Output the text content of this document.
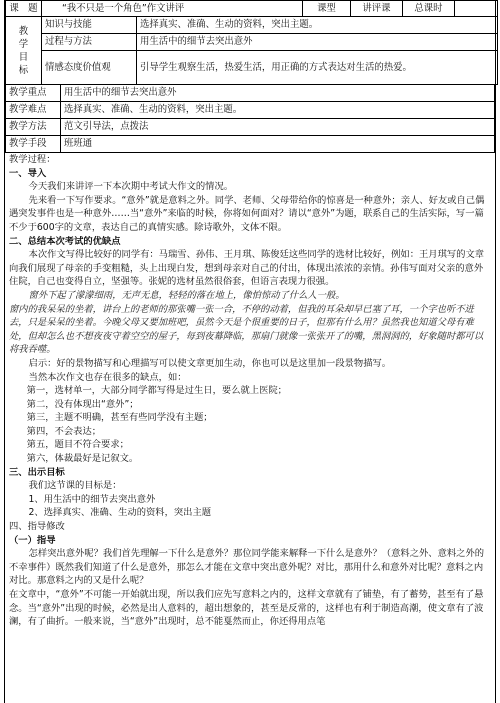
课　题	“我不只是一个角色”作文讲评		课型	讲评课	总课时	

教
学
目
标	知识与技能	选择真实、准确、生动的资料，突出主题。				
	过程与方法	用生活中的细节去突出意外				
	情感态度价值观	引导学生观察生活，热爱生活，用正确的方式表达对生活的热爱。				
教学重点	用生活中的细节去突出意外
教学难点	选择真实、准确、生动的资料，突出主题。
教学方法	范文引导法，点拨法
教学手段	班班通

教学过程：

一、导入

今天我们来讲评一下本次期中考试大作文的情况。

先来看一下写作要求。“意外”就是意料之外。同学、老师、父母带给你的惊喜是一种意外；亲人、好友或自己偶遇突发事件也是一种意外……当“意外”来临的时候，你将如何面对？请以“意外”为题，联系自己的生活实际，写一篇不少于600字的文章，表达自己的真情实感。除诗歌外，文体不限。

二、总结本次考试的优缺点

本次作文写得比较好的同学有：马瑞雪、孙伟、王月琪、陈俊廷这些同学的选材比较好，例如：王月琪写的文章向我们展现了母亲的手变粗糙，头上出现白发，想到母亲对自己的付出，体现出浓浓的亲情。孙伟写面对父亲的意外住院，自己也变得自立，坚强等。张妮的选材虽然很俗套，但语言表现力很强。

窗外下起了濛濛细雨，无声无息，轻轻的落在地上，像怕惊动了什么人一般。

窗内的我呆呆的坐着，讲台上的老师的那张嘴一张一合，不停的动着，但我的耳朵却早已塞了耳，一个字也听不进去，只是呆呆的坐着。今晚父母又要加班吧，虽然今天是个很重要的日子，但那有什么用？虽然我也知道父母有难处，但却怎么也不想夜夜守着空空的屋子，每到夜幕降临，那扇门就像一张张开了的嘴，黑洞洞的，好象随时都可以将我吞噬。

启示：好的景物描写和心理描写可以使文章更加生动，你也可以是这里加一段景物描写。

当然本次作文也存在很多的缺点，如：

第一，选材单一，大部分同学都写得是过生日，要么就上医院；

第二，没有体现出“意外”；

第三，主题不明确，甚至有些同学没有主题；

第四，不会表达；

第五，题目不符合要求；

第六，体裁最好是记叙文。

三、出示目标

我们这节课的目标是：

1、用生活中的细节去突出意外

2、选择真实、准确、生动的资料，突出主题

四、指导修改

（一）指导

怎样突出意外呢？我们首先理解一下什么是意外？那位同学能来解释一下什么是意外？（意料之外、意料之外的不幸事件）既然我们知道了什么是意外，那怎么才能在文章中突出意外呢？对比，那用什么和意外对比呢？意料之内对比。那意料之内的又是什么呢？

在文章中，“意外”不可能一开始就出现，所以我们应先写意料之内的，这样文章就有了铺垫，有了蓄势，甚至有了悬念。当“意外”出现的时候，必然是出人意料的，超出想象的，甚至是反常的，这样也有利于制造高潮，使文章有了波澜，有了曲折。一般来说，当“意外”出现时，总不能戛然而止，你还得用点笔
